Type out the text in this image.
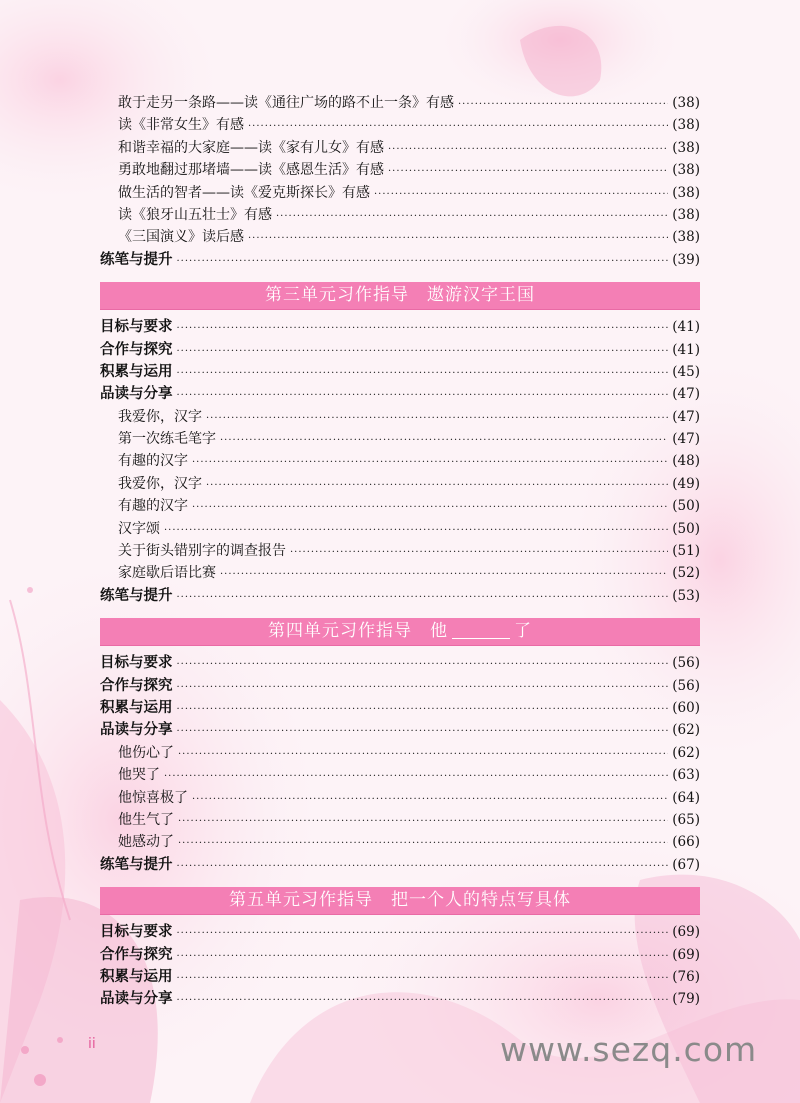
敢于走另一条路——读《通往广场的路不止一条》有感 ·····	(38)
读《非常女生》有感 ·····	(38)
和谐幸福的大家庭——读《家有儿女》有感 ·····	(38)
勇敢地翻过那堵墙——读《感恩生活》有感 ·····	(38)
做生活的智者——读《爱克斯探长》有感 ·····	(38)
读《狼牙山五壮士》有感 ·····	(38)
《三国演义》读后感 ·····	(38)
练笔与提升 ·····	(39)
第三单元习作指导　遨游汉字王国
目标与要求 ·····	(41)
合作与探究 ·····	(41)
积累与运用 ·····	(45)
品读与分享 ·····	(47)
我爱你，汉字 ·····	(47)
第一次练毛笔字 ·····	(47)
有趣的汉字 ·····	(48)
我爱你，汉字 ·····	(49)
有趣的汉字 ·····	(50)
汉字颂 ·····	(50)
关于街头错别字的调查报告 ·····	(51)
家庭歇后语比赛 ·····	(52)
练笔与提升 ·····	(53)
第四单元习作指导　他	了
目标与要求 ·····	(56)
合作与探究 ·····	(56)
积累与运用 ·····	(60)
品读与分享 ·····	(62)
他伤心了 ·····	(62)
他哭了 ·····	(63)
他惊喜极了 ·····	(64)
他生气了 ·····	(65)
她感动了 ·····	(66)
练笔与提升 ·····	(67)
第五单元习作指导　把一个人的特点写具体
目标与要求 ·····	(69)
合作与探究 ·····	(69)
积累与运用 ·····	(76)
品读与分享 ·····	(79)
ii	www.sezq.com
